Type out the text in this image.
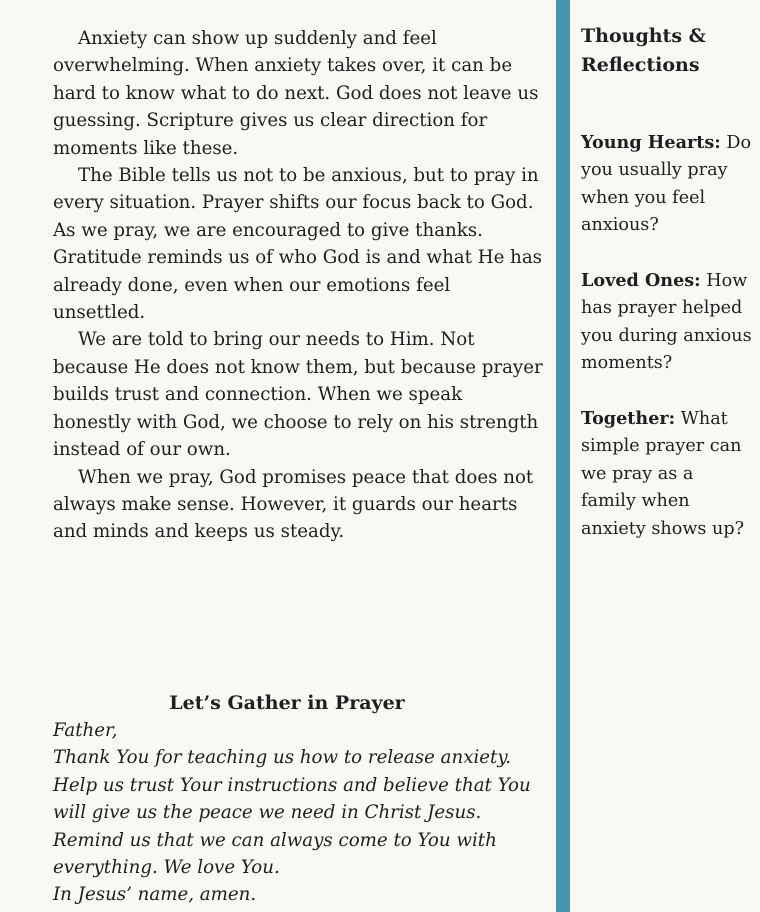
Anxiety can show up suddenly and feel overwhelming. When anxiety takes over, it can be hard to know what to do next. God does not leave us guessing. Scripture gives us clear direction for moments like these.

The Bible tells us not to be anxious, but to pray in every situation. Prayer shifts our focus back to God. As we pray, we are encouraged to give thanks. Gratitude reminds us of who God is and what He has already done, even when our emotions feel unsettled.

We are told to bring our needs to Him. Not because He does not know them, but because prayer builds trust and connection. When we speak honestly with God, we choose to rely on his strength instead of our own.

When we pray, God promises peace that does not always make sense. However, it guards our hearts and minds and keeps us steady.

Let’s Gather in Prayer

Father,

Thank You for teaching us how to release anxiety. Help us trust Your instructions and believe that You will give us the peace we need in Christ Jesus. Remind us that we can always come to You with everything. We love You.

In Jesus’ name, amen.

Thoughts &
Reflections

Young Hearts: Do you usually pray when you feel anxious?

Loved Ones: How has prayer helped you during anxious moments?

Together: What simple prayer can we pray as a family when anxiety shows up?
